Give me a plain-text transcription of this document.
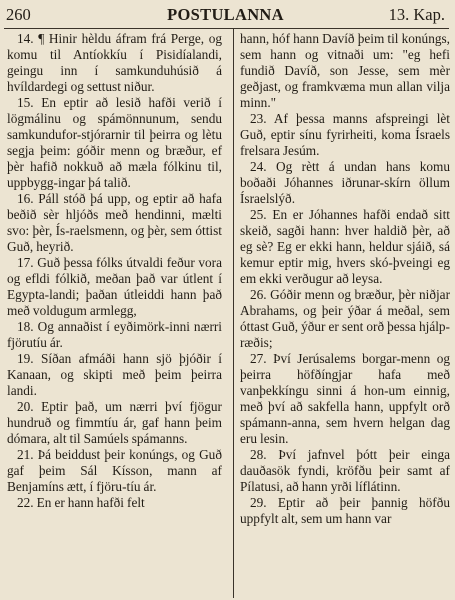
260	POSTULANNA	13. Kap.

14. ¶ Hinir hèldu áfram frá Perge, og komu til Antíokkíu í Pisidíalandi, geingu inn í samkunduhúsið á hvíldardegi og settust niður.

15. En eptir að lesið hafði verið í lögmálinu og spámönnunum, sendu samkundufor-stjórarnir til þeirra og lètu segja þeim: góðir menn og bræður, ef þèr hafið nokkuð að mæla fólkinu til, uppbygg-ingar þá talið.

16. Páll stóð þá upp, og eptir að hafa beðið sèr hljóðs með hendinni, mælti svo: þèr, Ís-raelsmenn, og þèr, sem óttist Guð, heyrið.

17. Guð þessa fólks útvaldi feður vora og efldi fólkið, meðan það var útlent í Egypta-landi; þaðan útleiddi hann það með voldugum armlegg,

18. Og annaðist í eyðimörk-inni nærri fjörutíu ár.

19. Síðan afmáði hann sjö þjóðir í Kanaan, og skipti með þeim þeirra landi.

20. Eptir það, um nærri því fjögur hundruð og fimmtíu ár, gaf hann þeim dómara, alt til Samúels spámanns.

21. Þá beiddust þeir konúngs, og Guð gaf þeim Sál Kísson, mann af Benjamíns ætt, í fjöru-tíu ár.

22. En er hann hafði felt

hann, hóf hann Davíð þeim til konúngs, sem hann og vitnaði um: "eg hefi fundið Davíð, son Jesse, sem mèr geðjast, og framkvæma mun allan vilja minn."

23. Af þessa manns afspreingi lèt Guð, eptir sínu fyrirheiti, koma Ísraels frelsara Jesúm.

24. Og rètt á undan hans komu boðaði Jóhannes iðrunar-skírn öllum Ísraelslýð.

25. En er Jóhannes hafði endað sitt skeið, sagði hann: hver haldið þèr, að eg sè? Eg er ekki hann, heldur sjáið, sá kemur eptir mig, hvers skó-þveingi eg em ekki verðugur að leysa.

26. Góðir menn og bræður, þèr niðjar Abrahams, og þeir ýðar á meðal, sem óttast Guð, ýður er sent orð þessa hjálp-ræðis;

27. Því Jerúsalems borgar-menn og þeirra höfðíngjar hafa með vanþekkíngu sinni á hon-um einnig, með því að sakfella hann, uppfylt orð spámann-anna, sem hvern helgan dag eru lesin.

28. Því jafnvel þótt þeir einga dauðasök fyndi, kröfðu þeir samt af Pílatusi, að hann yrði líflátinn.

29. Eptir að þeir þannig höfðu uppfylt alt, sem um hann var
